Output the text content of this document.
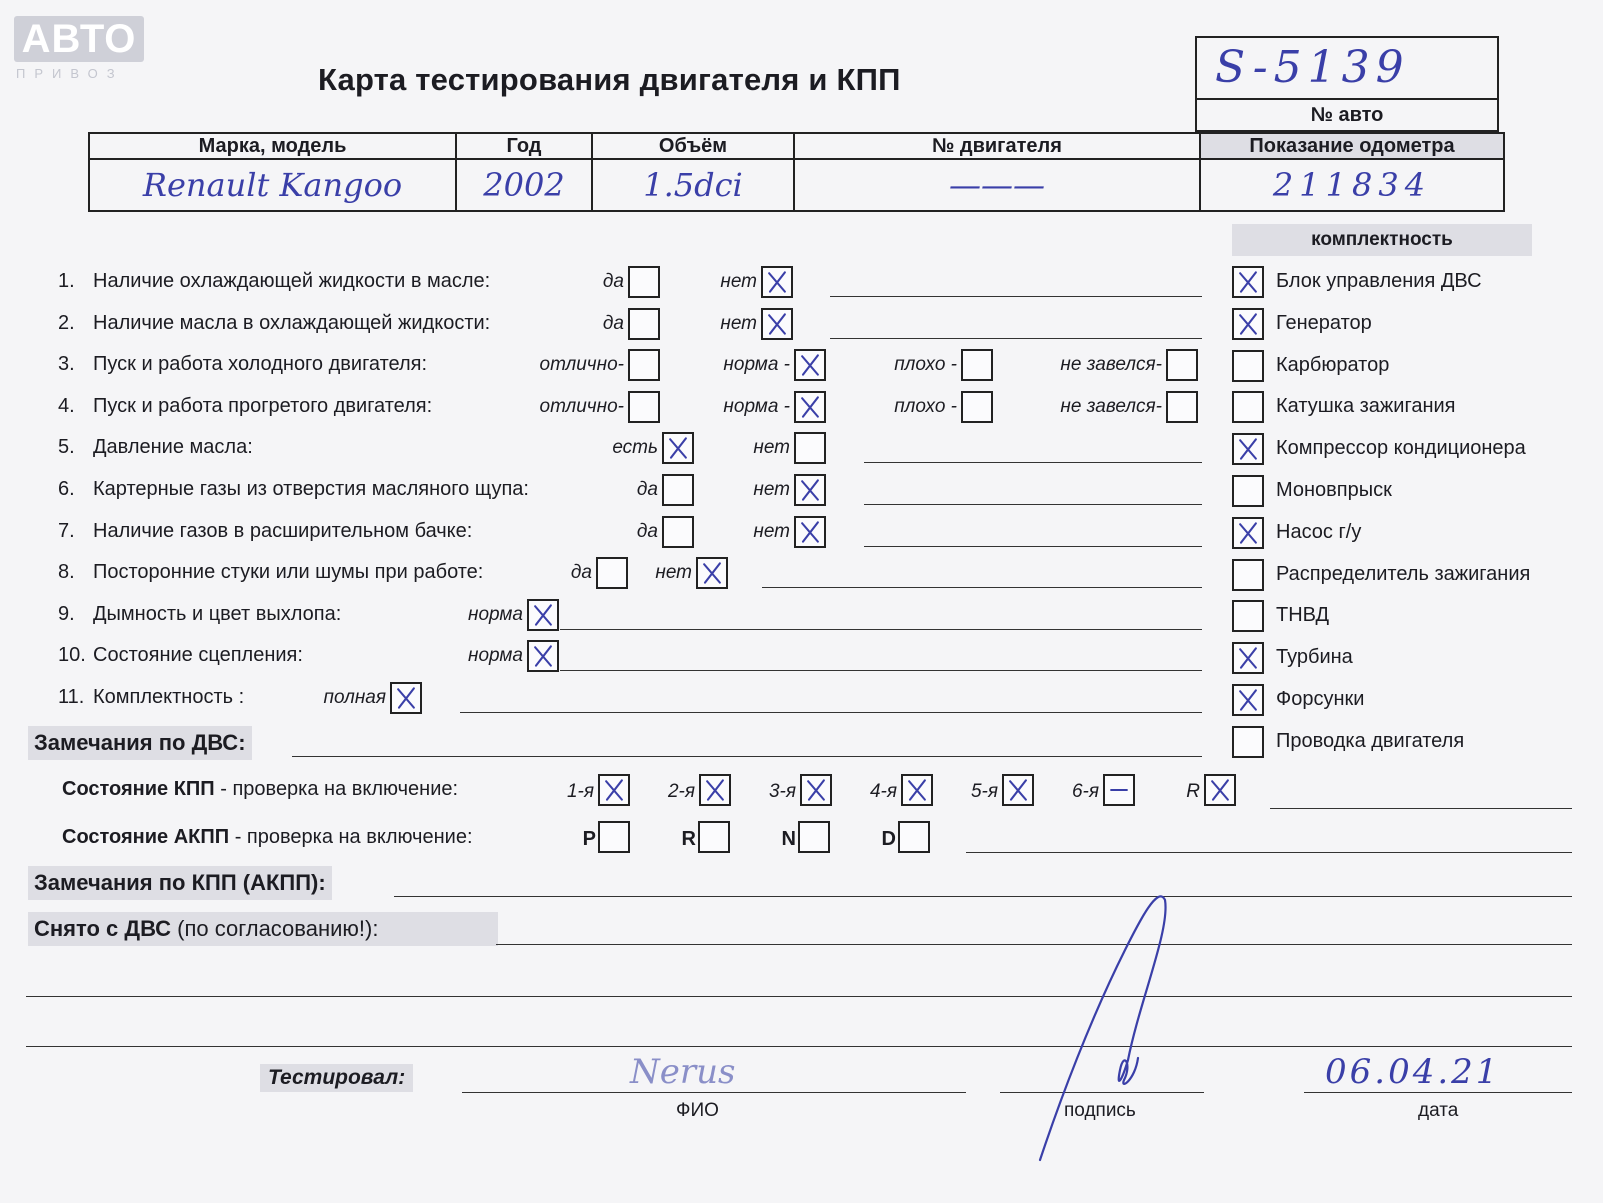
АВТО
ПРИВОЗ	Карта тестирования двигателя и КПП	S-5139
№ авто
Марка, модель	Год	Объём	№ двигателя	Показание одометра
Renault Kangoo	2002	1.5dci	———	211834
комплектность
Замечания по ДВС:
Состояние КПП - проверка на включение:
Состояние АКПП - проверка на включение:
Замечания по КПП (АКПП):
Снято с ДВС (по согласованию!):
Тестировал:	Nerus
ФИО	подпись
06.04.21
дата
Блок управления ДВС
Генератор
Карбюратор
Катушка зажигания
Компрессор кондиционера
Моновпрыск
Насос г/у
Распределитель зажигания
ТНВД
Турбина
Форсунки
Проводка двигателя
1. Наличие охлаждающей жидкости в масле:	да	нет
2. Наличие масла в охлаждающей жидкости:	да	нет
3. Пуск и работа холодного двигателя:	отлично-	норма -	плохо -	не завелся-
4. Пуск и работа прогретого двигателя:	отлично-	норма -	плохо -	не завелся-
5. Давление масла:	есть	нет
6. Картерные газы из отверстия масляного щупа:	да	нет
7. Наличие газов в расширительном бачке:	да	нет
8. Посторонние стуки или шумы при работе:	да	нет
9. Дымность и цвет выхлопа:	норма
10. Состояние сцепления:	норма
11. Комплектность :	полная
1-я	2-я	3-я	4-я	5-я	6-я	R
P	R	N	D
